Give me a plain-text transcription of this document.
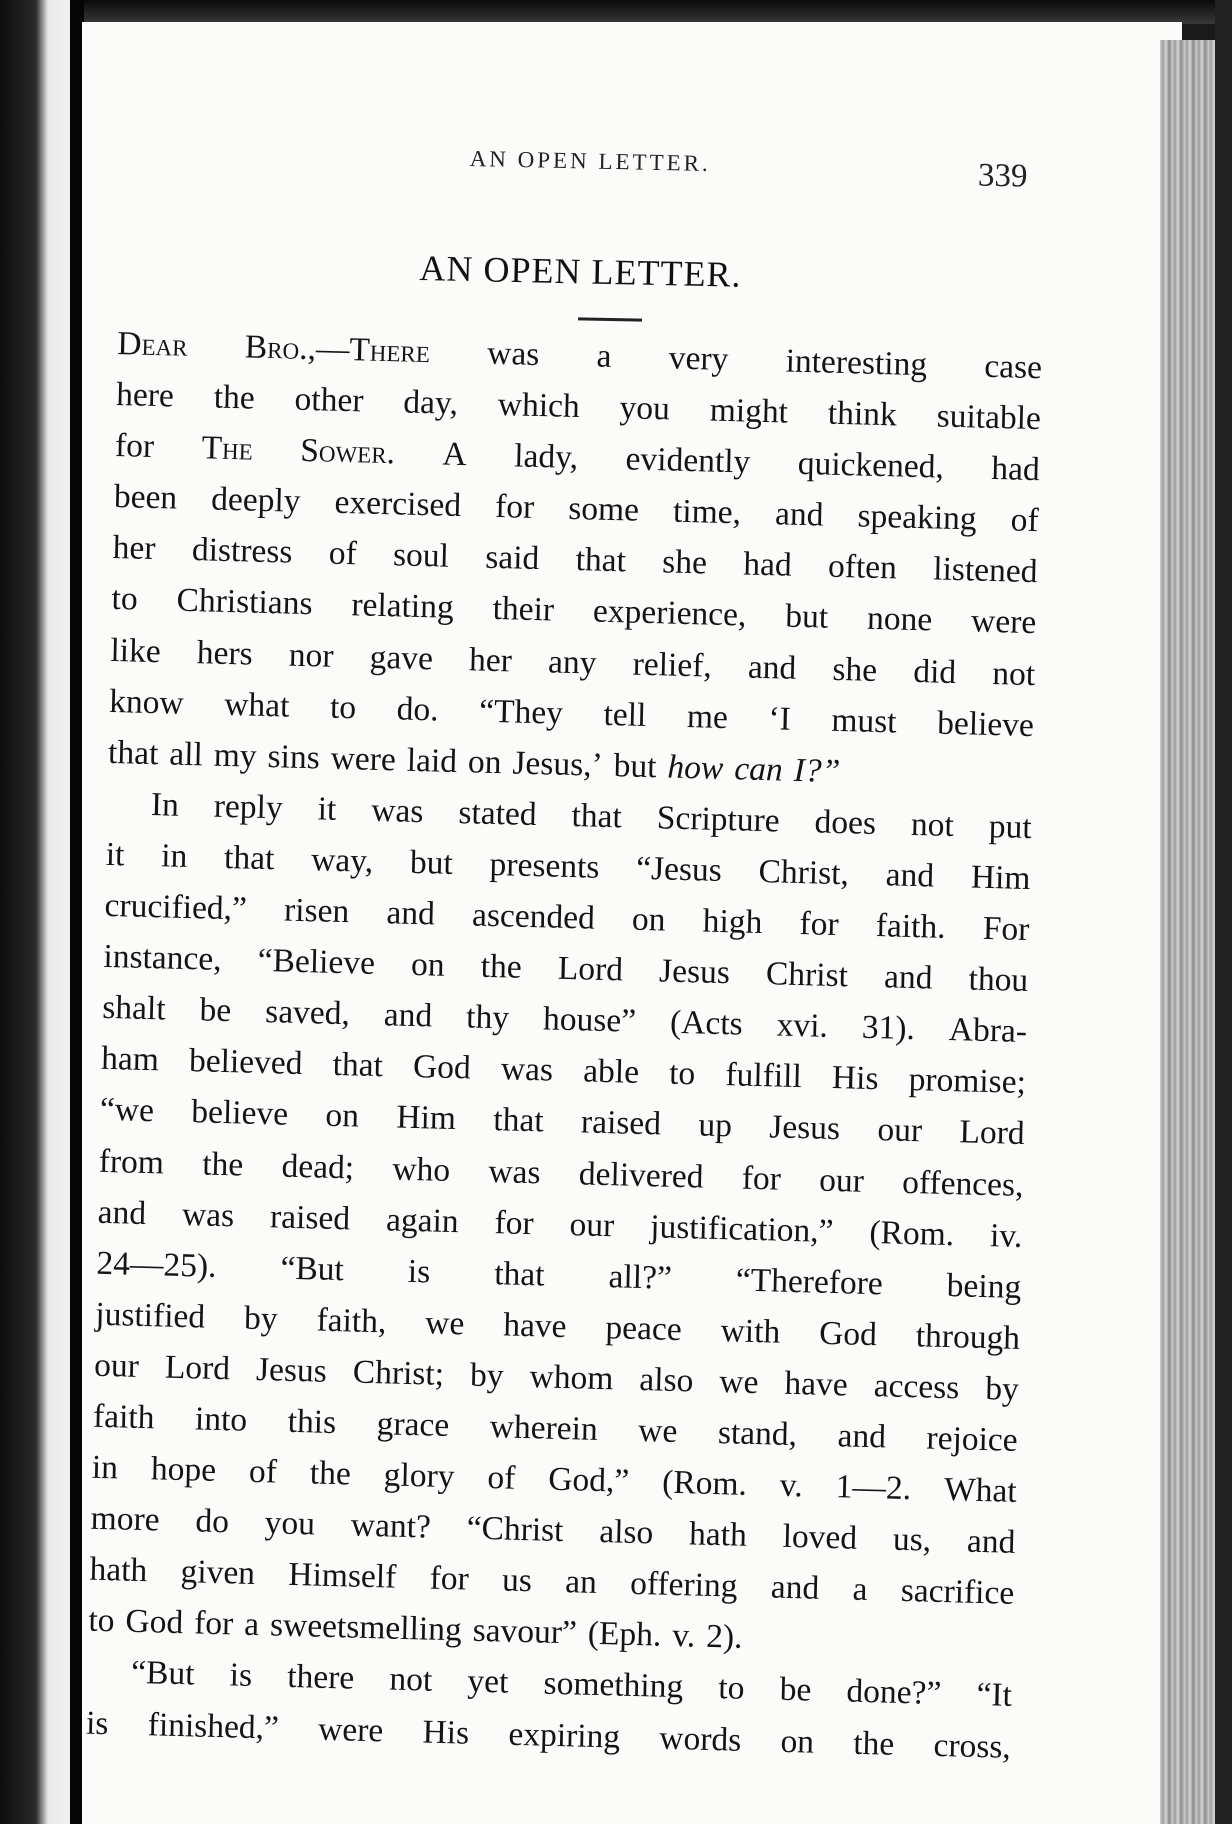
AN OPEN LETTER.	339
AN OPEN LETTER.
Dear Bro.,—There was a very interesting case
here the other day, which you might think suitable
for The Sower. A lady, evidently quickened, had
been deeply exercised for some time, and speaking of
her distress of soul said that she had often listened
to Christians relating their experience, but none were
like hers nor gave her any relief, and she did not
know what to do. “They tell me ‘I must believe
that all my sins were laid on Jesus,’ but how can I?”
In reply it was stated that Scripture does not put
it in that way, but presents “Jesus Christ, and Him
crucified,” risen and ascended on high for faith. For
instance, “Believe on the Lord Jesus Christ and thou
shalt be saved, and thy house” (Acts xvi. 31). Abra-
ham believed that God was able to fulfill His promise;
“we believe on Him that raised up Jesus our Lord
from the dead; who was delivered for our offences,
and was raised again for our justification,” (Rom. iv.
24—25). “But is that all?” “Therefore being
justified by faith, we have peace with God through
our Lord Jesus Christ; by whom also we have access by
faith into this grace wherein we stand, and rejoice
in hope of the glory of God,” (Rom. v. 1—2. What
more do you want? “Christ also hath loved us, and
hath given Himself for us an offering and a sacrifice
to God for a sweetsmelling savour” (Eph. v. 2).
“But is there not yet something to be done?” “It
is finished,” were His expiring words on the cross,
